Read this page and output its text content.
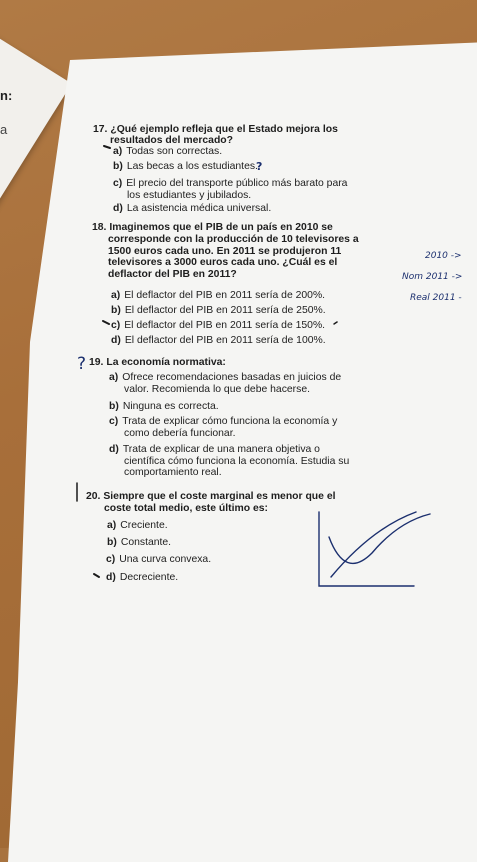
n:
a	17. ¿Qué ejemplo refleja que el Estado mejora los
resultados del mercado?
a) Todas son correctas.
b) Las becas a los estudiantes.
c) El precio del transporte público más barato para
los estudiantes y jubilados.
d) La asistencia médica universal.
18. Imaginemos que el PIB de un país en 2010 se
corresponde con la producción de 10 televisores a
1500 euros cada uno. En 2011 se produjeron 11
televisores a 3000 euros cada uno. ¿Cuál es el
deflactor del PIB en 2011?
a) El deflactor del PIB en 2011 sería de 200%.
b) El deflactor del PIB en 2011 sería de 250%.
c) El deflactor del PIB en 2011 sería de 150%.
d) El deflactor del PIB en 2011 sería de 100%.
19. La economía normativa:
a) Ofrece recomendaciones basadas en juicios de
valor. Recomienda lo que debe hacerse.
b) Ninguna es correcta.
c) Trata de explicar cómo funciona la economía y
como debería funcionar.
d) Trata de explicar de una manera objetiva o
científica cómo funciona la economía. Estudia su
comportamiento real.
20. Siempre que el coste marginal es menor que el
coste total medio, este último es:
a) Creciente.
b) Constante.
c) Una curva convexa.
d) Decreciente.
?
?
2010 ->
Nom 2011 ->
Real 2011 -
